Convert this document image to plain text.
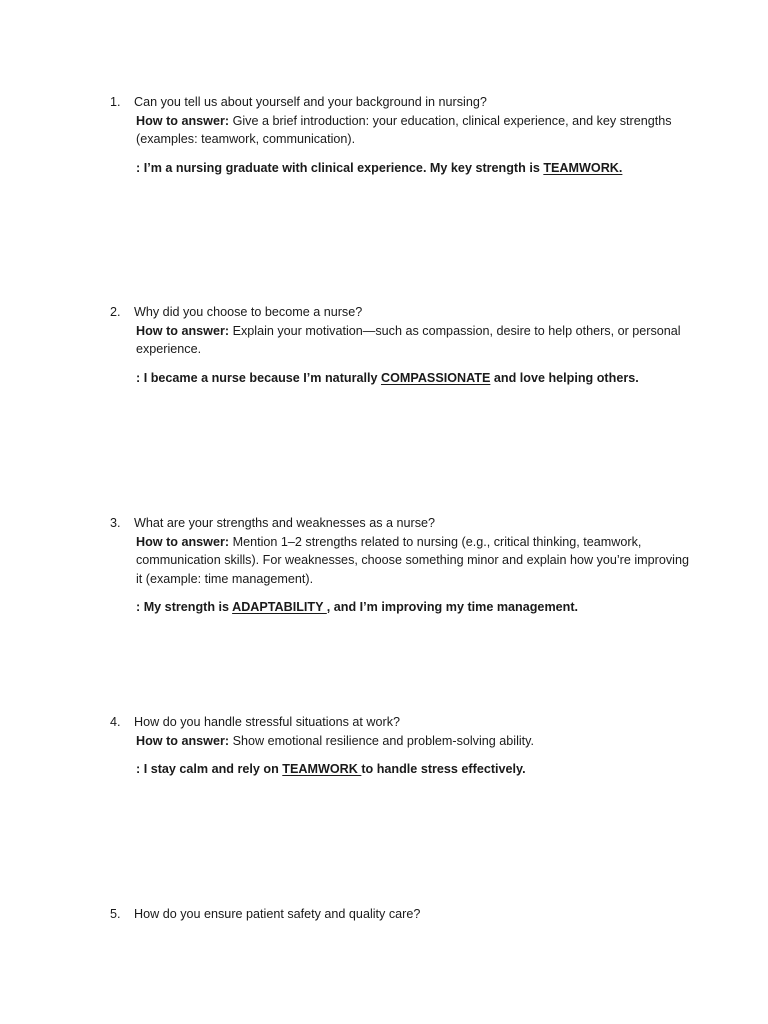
1.	Can you tell us about yourself and your background in nursing?
How to answer: Give a brief introduction: your education, clinical experience, and key strengths (examples: teamwork, communication).
: I’m a nursing graduate with clinical experience. My key strength is TEAMWORK.
2.	Why did you choose to become a nurse?
How to answer: Explain your motivation—such as compassion, desire to help others, or personal experience.
: I became a nurse because I’m naturally COMPASSIONATE and love helping others.
3.	What are your strengths and weaknesses as a nurse?
How to answer: Mention 1–2 strengths related to nursing (e.g., critical thinking, teamwork, communication skills). For weaknesses, choose something minor and explain how you’re improving it (example: time management).
: My strength is ADAPTABILITY , and I’m improving my time management.
4.	How do you handle stressful situations at work?
How to answer: Show emotional resilience and problem-solving ability.
: I stay calm and rely on TEAMWORK to handle stress effectively.
5.	How do you ensure patient safety and quality care?
